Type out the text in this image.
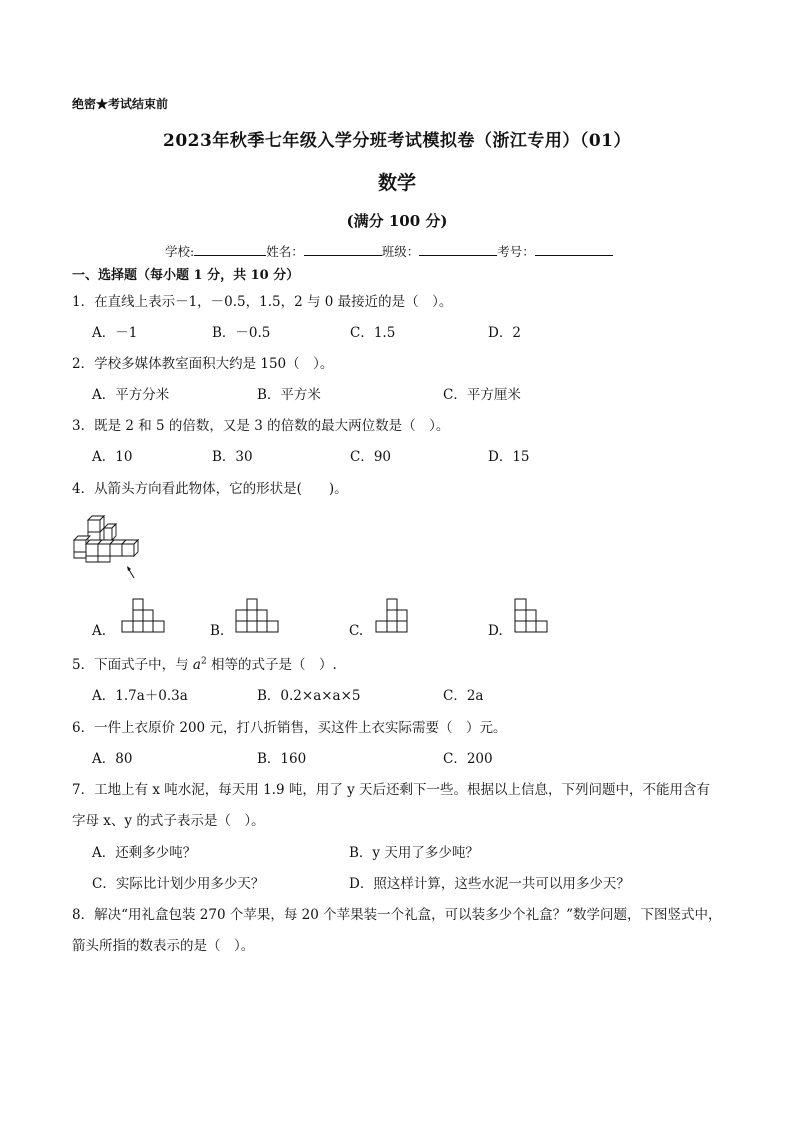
绝密★考试结束前
2023年秋季七年级入学分班考试模拟卷（浙江专用）（01）
数学
(满分 100 分)
学校:	姓名：	班级：	考号：
一、选择题（每小题 1 分，共 10 分）
1．在直线上表示－1，－0.5，1.5，2 与 0 最接近的是（　）。
A．－1	B．－0.5	C．1.5	D．2
2．学校多媒体教室面积大约是 150（　）。
A．平方分米	B．平方米	C．平方厘米
3．既是 2 和 5 的倍数，又是 3 的倍数的最大两位数是（　）。
A．10	B．30	C．90	D．15
4．从箭头方向看此物体，它的形状是(　　)。
A.	B.	C.	D.
5．下面式子中，与 $a^2$ 相等的式子是（　）.
A．1.7a＋0.3a	B．0.2×a×a×5	C．2a
6．一件上衣原价 200 元，打八折销售，买这件上衣实际需要（　）元。
A．80	B．160	C．200
7．工地上有 x 吨水泥，每天用 1.9 吨，用了 y 天后还剩下一些。根据以上信息，下列问题中，不能用含有
字母 x、y 的式子表示是（　）。
A．还剩多少吨？	B．y 天用了多少吨？
C．实际比计划少用多少天？	D．照这样计算，这些水泥一共可以用多少天？
8．解决“用礼盒包装 270 个苹果，每 20 个苹果装一个礼盒，可以装多少个礼盒？”数学问题，下图竖式中，
箭头所指的数表示的是（　）。
